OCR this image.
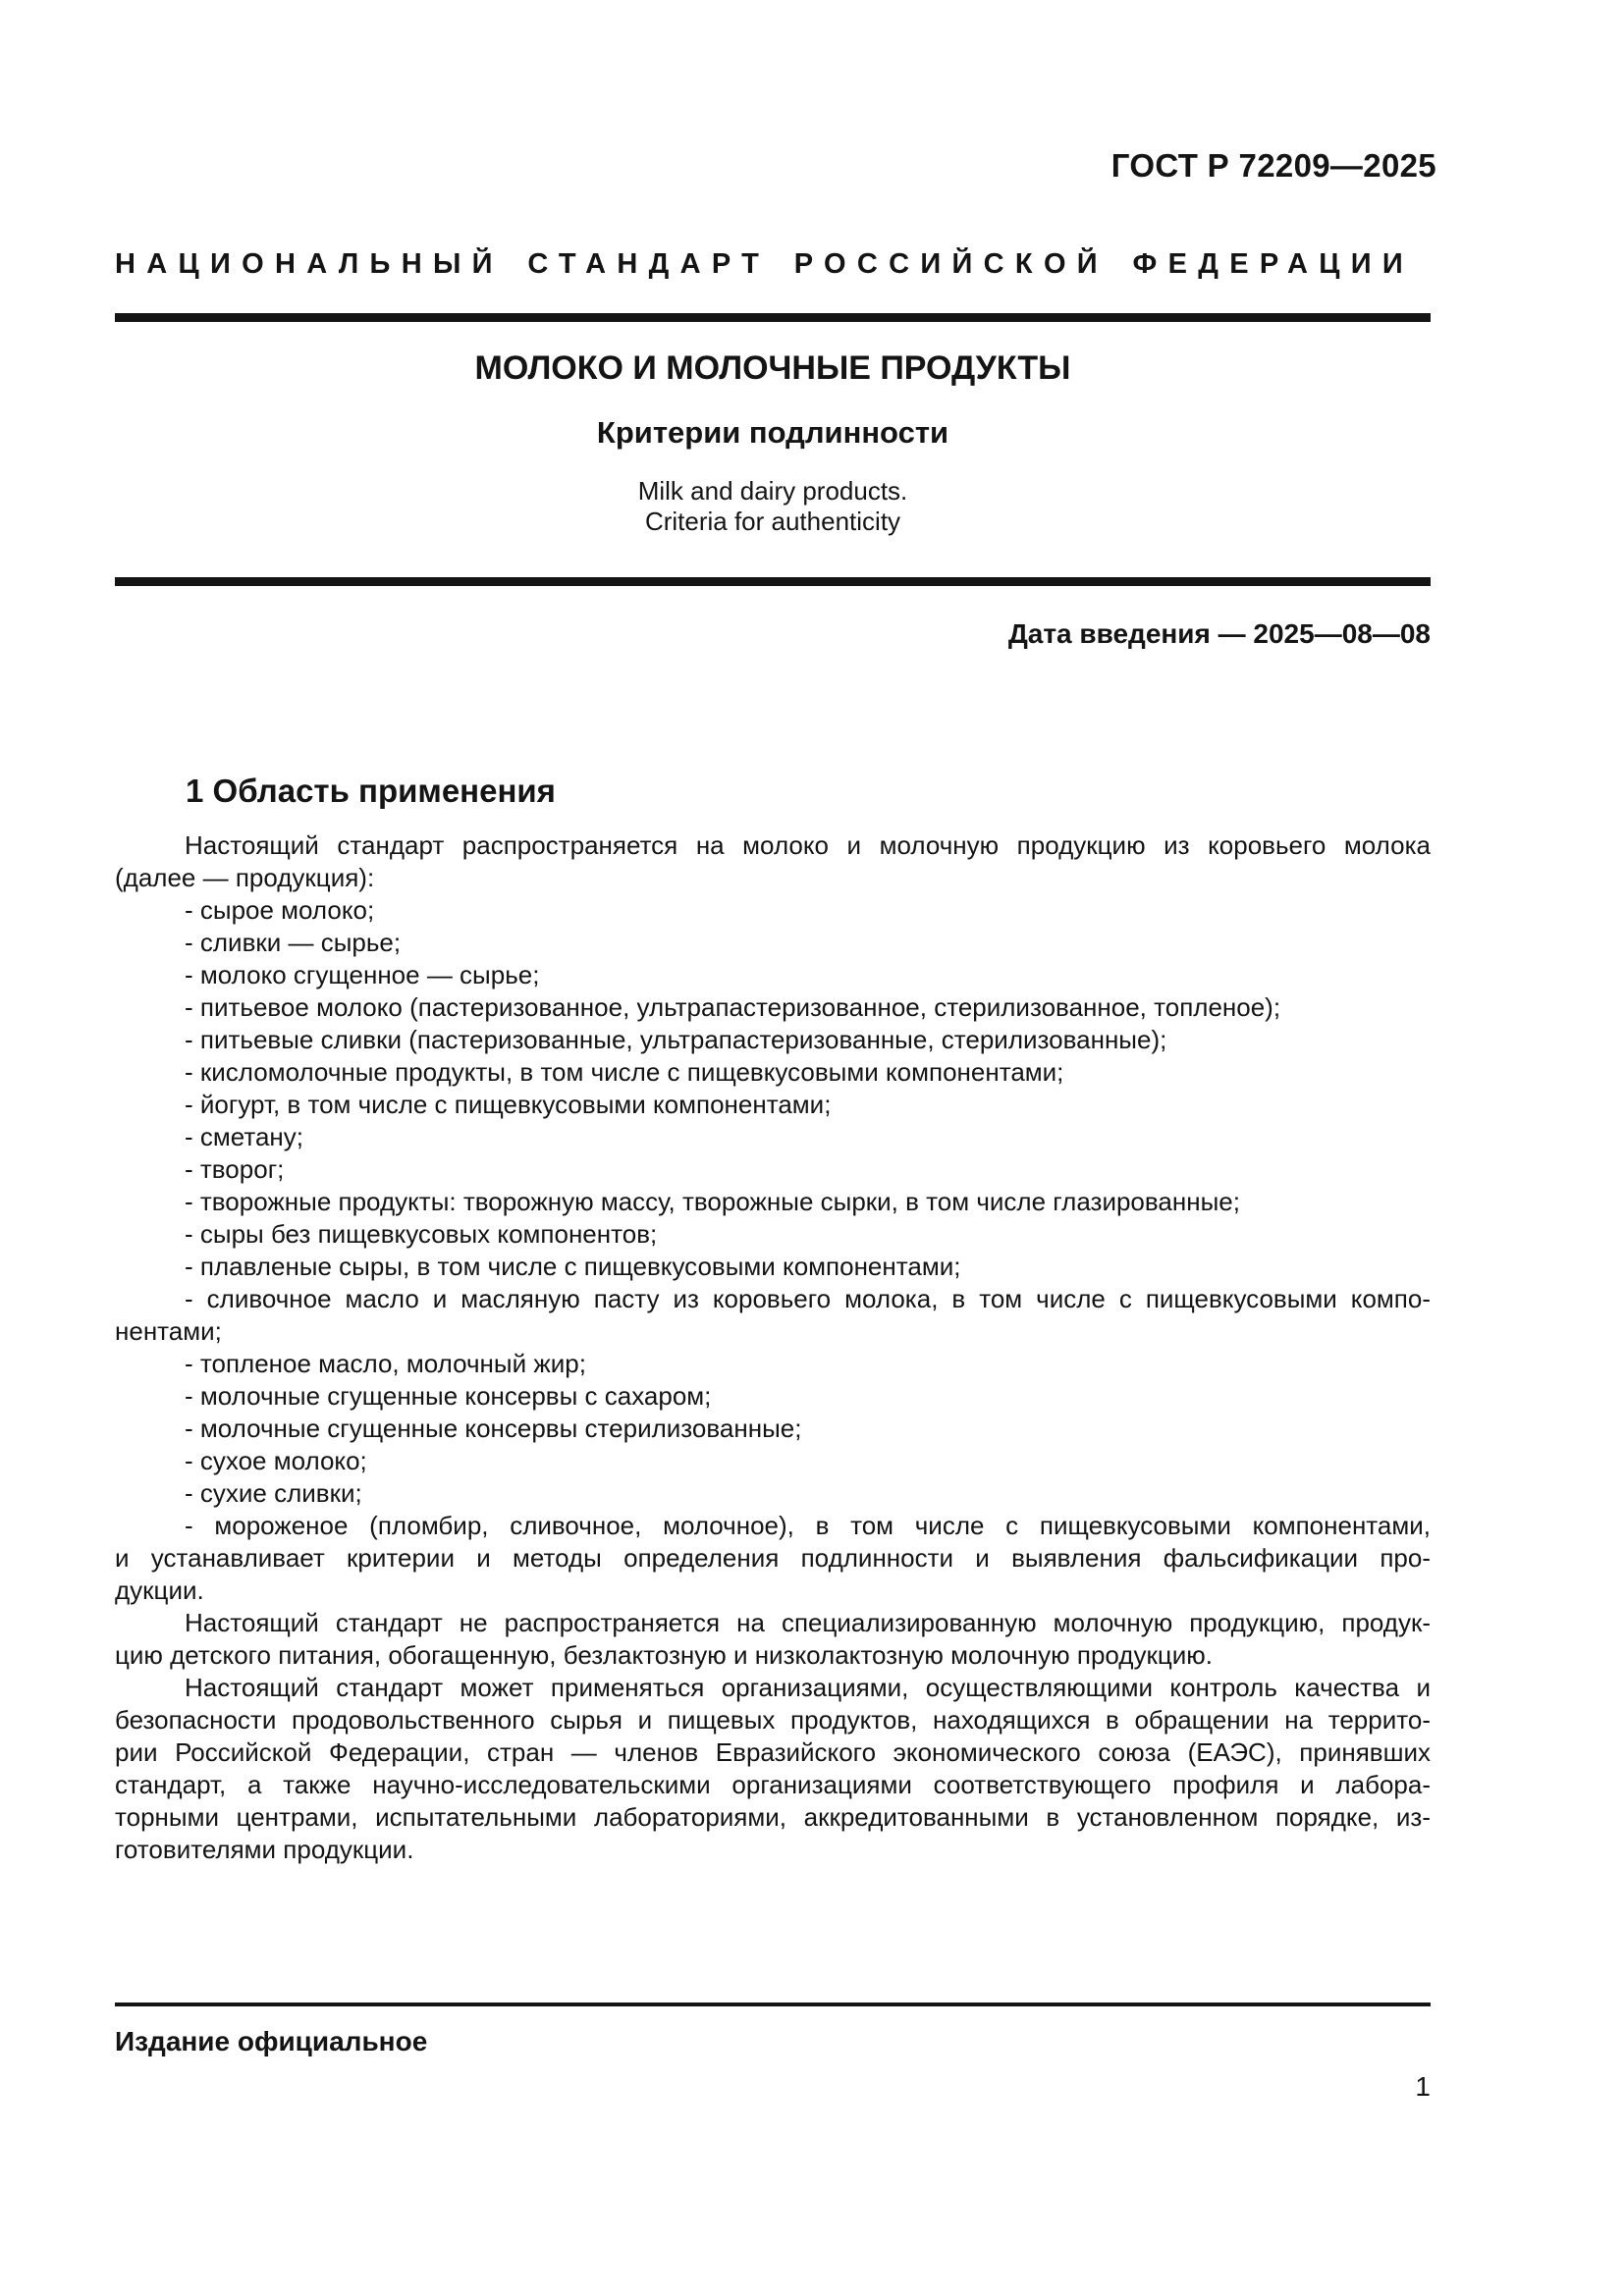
ГОСТ Р 72209—2025
НАЦИОНАЛЬНЫЙ СТАНДАРТ РОССИЙСКОЙ ФЕДЕРАЦИИ
МОЛОКО И МОЛОЧНЫЕ ПРОДУКТЫ
Критерии подлинности
Milk and dairy products.
Criteria for authenticity
Дата введения — 2025—08—08
1 Область применения
Настоящий стандарт распространяется на молоко и молочную продукцию из коровьего молока
(далее — продукция):
- сырое молоко;
- сливки — сырье;
- молоко сгущенное — сырье;
- питьевое молоко (пастеризованное, ультрапастеризованное, стерилизованное, топленое);
- питьевые сливки (пастеризованные, ультрапастеризованные, стерилизованные);
- кисломолочные продукты, в том числе с пищевкусовыми компонентами;
- йогурт, в том числе с пищевкусовыми компонентами;
- сметану;
- творог;
- творожные продукты: творожную массу, творожные сырки, в том числе глазированные;
- сыры без пищевкусовых компонентов;
- плавленые сыры, в том числе с пищевкусовыми компонентами;
- сливочное масло и масляную пасту из коровьего молока, в том числе с пищевкусовыми компо-
нентами;
- топленое масло, молочный жир;
- молочные сгущенные консервы с сахаром;
- молочные сгущенные консервы стерилизованные;
- сухое молоко;
- сухие сливки;
- мороженое (пломбир, сливочное, молочное), в том числе с пищевкусовыми компонентами,
и устанавливает критерии и методы определения подлинности и выявления фальсификации про-
дукции.
Настоящий стандарт не распространяется на специализированную молочную продукцию, продук-
цию детского питания, обогащенную, безлактозную и низколактозную молочную продукцию.
Настоящий стандарт может применяться организациями, осуществляющими контроль качества и
безопасности продовольственного сырья и пищевых продуктов, находящихся в обращении на террито-
рии Российской Федерации, стран — членов Евразийского экономического союза (ЕАЭС), принявших
стандарт, а также научно-исследовательскими организациями соответствующего профиля и лабора-
торными центрами, испытательными лабораториями, аккредитованными в установленном порядке, из-
готовителями продукции.
Издание официальное
1
